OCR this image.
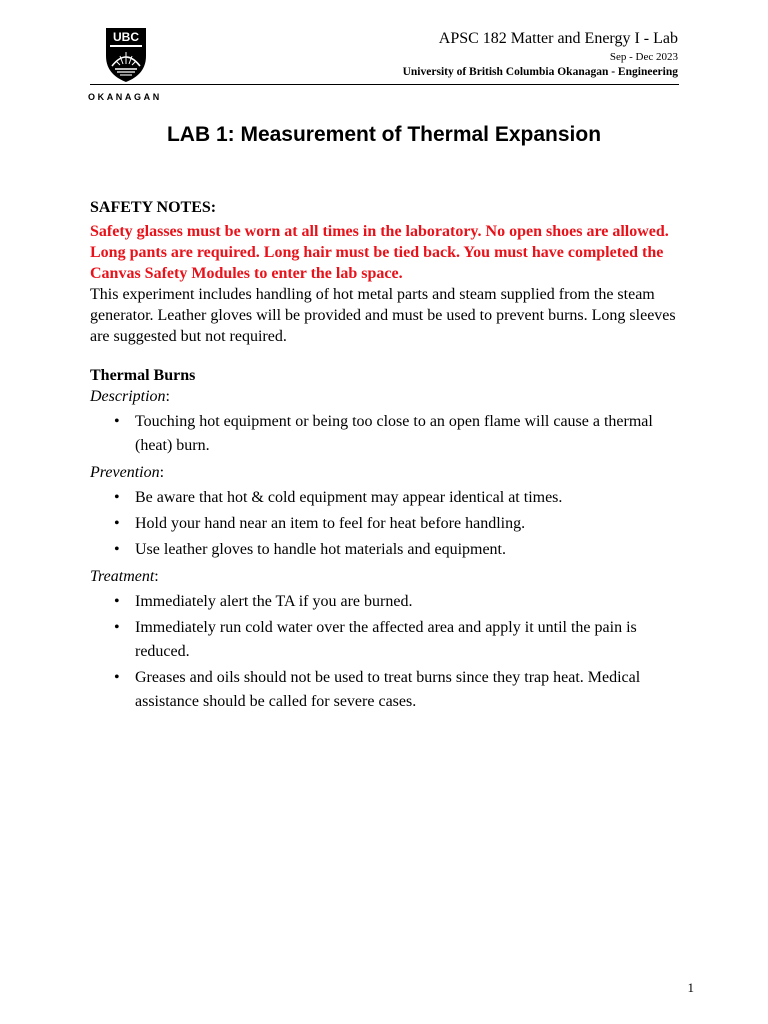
UBC
OKANAGAN
APSC 182 Matter and Energy I - Lab
Sep - Dec 2023
University of British Columbia Okanagan - Engineering
LAB 1: Measurement of Thermal Expansion

SAFETY NOTES:

Safety glasses must be worn at all times in the laboratory. No open shoes are allowed. Long pants are required. Long hair must be tied back. You must have completed the Canvas Safety Modules to enter the lab space.

This experiment includes handling of hot metal parts and steam supplied from the steam generator. Leather gloves will be provided and must be used to prevent burns. Long sleeves are suggested but not required.

Thermal Burns

Description:

• Touching hot equipment or being too close to an open flame will cause a thermal (heat) burn.

Prevention:

• Be aware that hot & cold equipment may appear identical at times.
• Hold your hand near an item to feel for heat before handling.
• Use leather gloves to handle hot materials and equipment.

Treatment:

• Immediately alert the TA if you are burned.
• Immediately run cold water over the affected area and apply it until the pain is reduced.
• Greases and oils should not be used to treat burns since they trap heat. Medical assistance should be called for severe cases.
1
